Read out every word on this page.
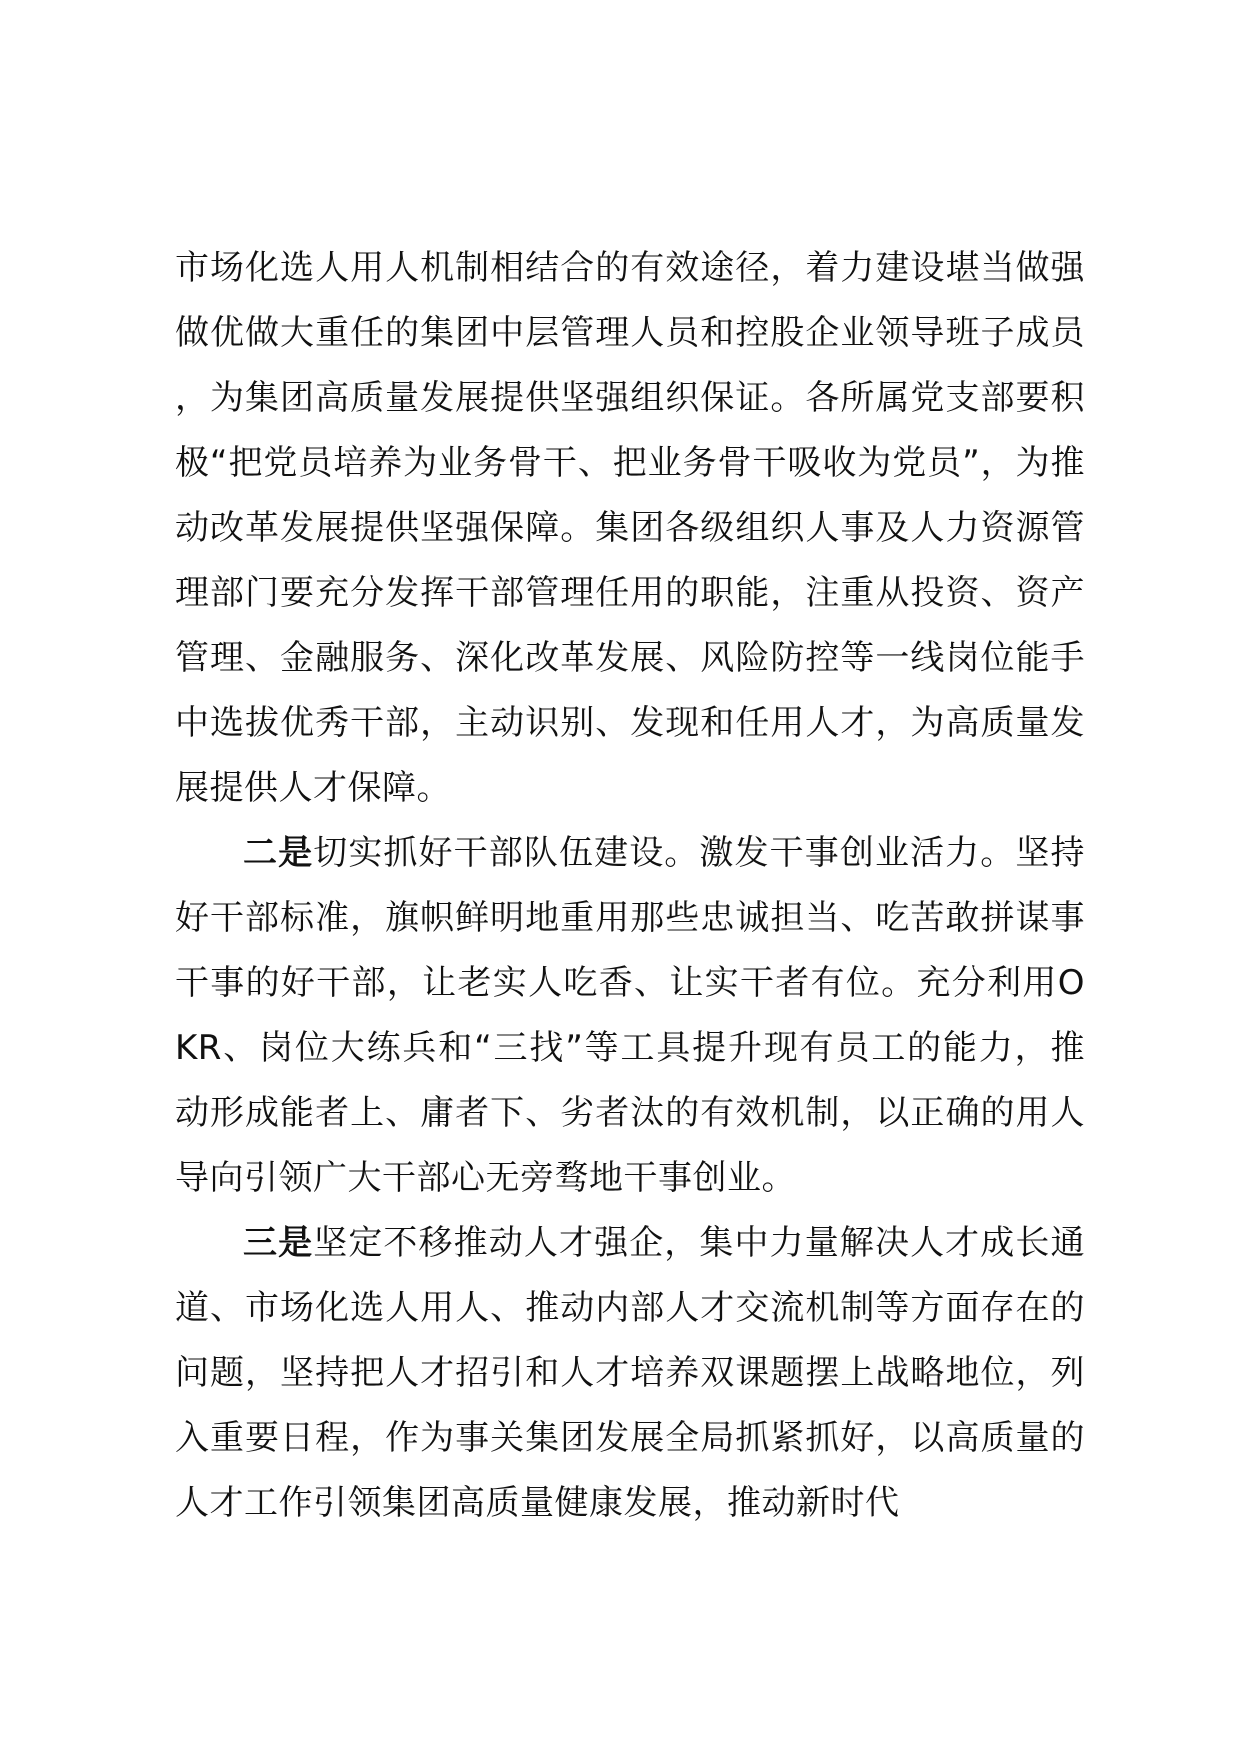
市场化选人用人机制相结合的有效途径，着力建设堪当做强做优做大重任的集团中层管理人员和控股企业领导班子成员，为集团高质量发展提供坚强组织保证。各所属党支部要积极“把党员培养为业务骨干、把业务骨干吸收为党员”，为推动改革发展提供坚强保障。集团各级组织人事及人力资源管理部门要充分发挥干部管理任用的职能，注重从投资、资产管理、金融服务、深化改革发展、风险防控等一线岗位能手中选拔优秀干部，主动识别、发现和任用人才，为高质量发展提供人才保障。

二是切实抓好干部队伍建设。激发干事创业活力。坚持好干部标准，旗帜鲜明地重用那些忠诚担当、吃苦敢拼谋事干事的好干部，让老实人吃香、让实干者有位。充分利用OKR、岗位大练兵和“三找”等工具提升现有员工的能力，推动形成能者上、庸者下、劣者汰的有效机制，以正确的用人导向引领广大干部心无旁骛地干事创业。

三是坚定不移推动人才强企，集中力量解决人才成长通道、市场化选人用人、推动内部人才交流机制等方面存在的问题，坚持把人才招引和人才培养双课题摆上战略地位，列入重要日程，作为事关集团发展全局抓紧抓好，以高质量的人才工作引领集团高质量健康发展，推动新时代
